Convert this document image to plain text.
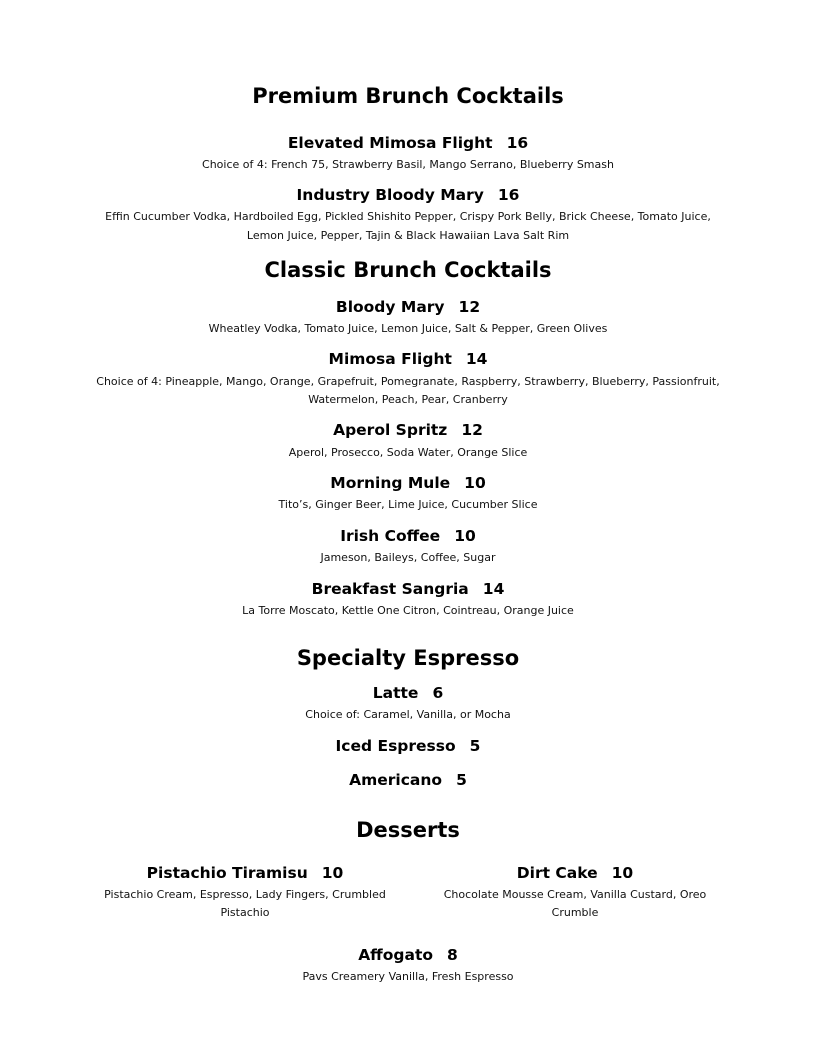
Premium Brunch Cocktails
Elevated Mimosa Flight 16
Choice of 4: French 75, Strawberry Basil, Mango Serrano, Blueberry Smash
Industry Bloody Mary 16
Effin Cucumber Vodka, Hardboiled Egg, Pickled Shishito Pepper, Crispy Pork Belly, Brick Cheese, Tomato Juice,
Lemon Juice, Pepper, Tajin & Black Hawaiian Lava Salt Rim
Classic Brunch Cocktails
Bloody Mary 12
Wheatley Vodka, Tomato Juice, Lemon Juice, Salt & Pepper, Green Olives
Mimosa Flight 14
Choice of 4: Pineapple, Mango, Orange, Grapefruit, Pomegranate, Raspberry, Strawberry, Blueberry, Passionfruit,
Watermelon, Peach, Pear, Cranberry
Aperol Spritz 12
Aperol, Prosecco, Soda Water, Orange Slice
Morning Mule 10
Tito’s, Ginger Beer, Lime Juice, Cucumber Slice
Irish Coffee 10
Jameson, Baileys, Coffee, Sugar
Breakfast Sangria 14
La Torre Moscato, Kettle One Citron, Cointreau, Orange Juice
Specialty Espresso
Latte 6
Choice of: Caramel, Vanilla, or Mocha
Iced Espresso 5
Americano 5
Desserts
Pistachio Tiramisu 10
Pistachio Cream, Espresso, Lady Fingers, Crumbled
Pistachio
Dirt Cake 10
Chocolate Mousse Cream, Vanilla Custard, Oreo
Crumble
Affogato 8
Pavs Creamery Vanilla, Fresh Espresso
